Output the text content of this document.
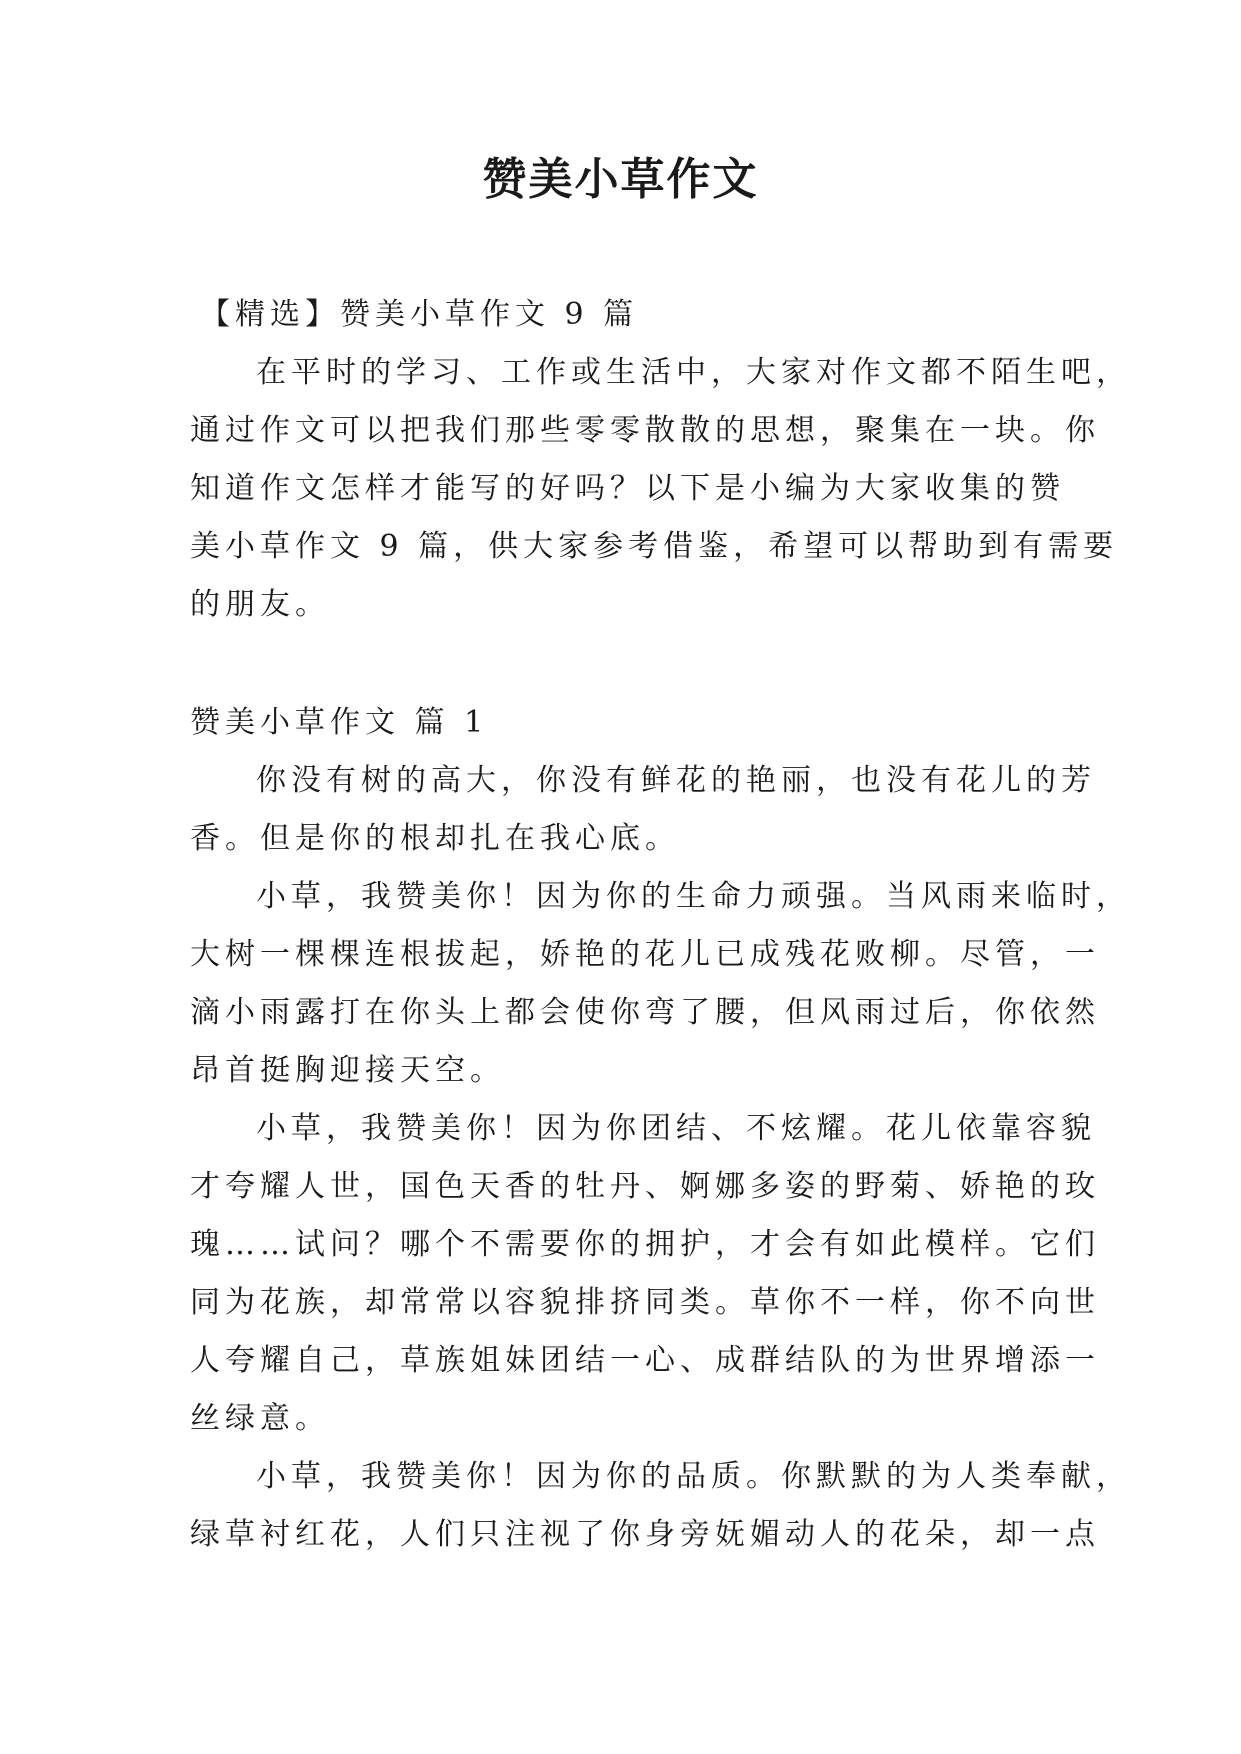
赞美小草作文
【精选】赞美小草作文 9 篇
在平时的学习、工作或生活中，大家对作文都不陌生吧，
通过作文可以把我们那些零零散散的思想，聚集在一块。你
知道作文怎样才能写的好吗？以下是小编为大家收集的赞
美小草作文 9 篇，供大家参考借鉴，希望可以帮助到有需要
的朋友。
赞美小草作文 篇 1
你没有树的高大，你没有鲜花的艳丽，也没有花儿的芳
香。但是你的根却扎在我心底。
小草，我赞美你！因为你的生命力顽强。当风雨来临时，
大树一棵棵连根拔起，娇艳的花儿已成残花败柳。尽管，一
滴小雨露打在你头上都会使你弯了腰，但风雨过后，你依然
昂首挺胸迎接天空。
小草，我赞美你！因为你团结、不炫耀。花儿依靠容貌
才夸耀人世，国色天香的牡丹、婀娜多姿的野菊、娇艳的玫
瑰……试问？哪个不需要你的拥护，才会有如此模样。它们
同为花族，却常常以容貌排挤同类。草你不一样，你不向世
人夸耀自己，草族姐妹团结一心、成群结队的为世界增添一
丝绿意。
小草，我赞美你！因为你的品质。你默默的为人类奉献，
绿草衬红花，人们只注视了你身旁妩媚动人的花朵，却一点
